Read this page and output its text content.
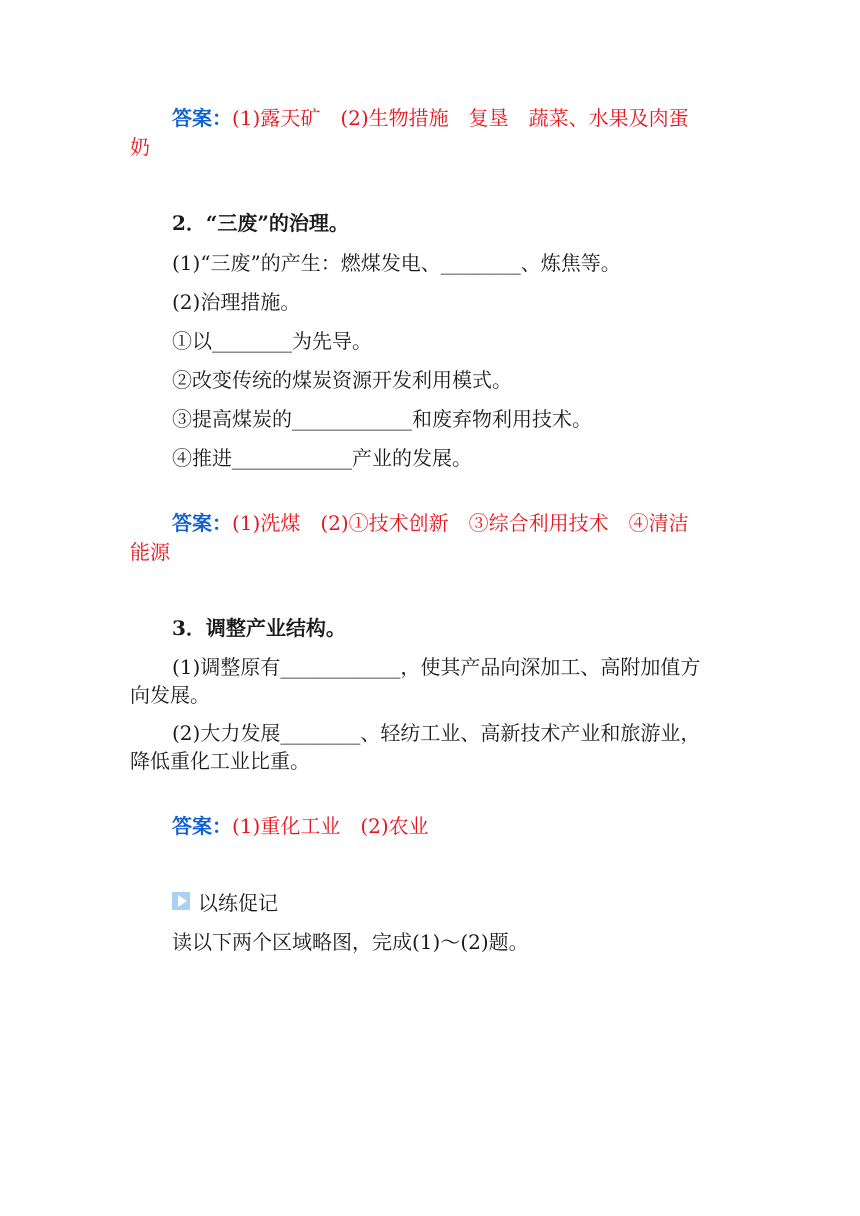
答案：(1)露天矿　(2)生物措施　复垦　蔬菜、水果及肉蛋
奶
2．“三废”的治理。
(1)“三废”的产生：燃煤发电、________、炼焦等。
(2)治理措施。
①以________为先导。
②改变传统的煤炭资源开发利用模式。
③提高煤炭的____________和废弃物利用技术。
④推进____________产业的发展。
答案：(1)洗煤　(2)①技术创新　③综合利用技术　④清洁
能源
3．调整产业结构。
(1)调整原有____________，使其产品向深加工、高附加值方
向发展。
(2)大力发展________、轻纺工业、高新技术产业和旅游业，
降低重化工业比重。
答案：(1)重化工业　(2)农业
以练促记
读以下两个区域略图，完成(1)～(2)题。
